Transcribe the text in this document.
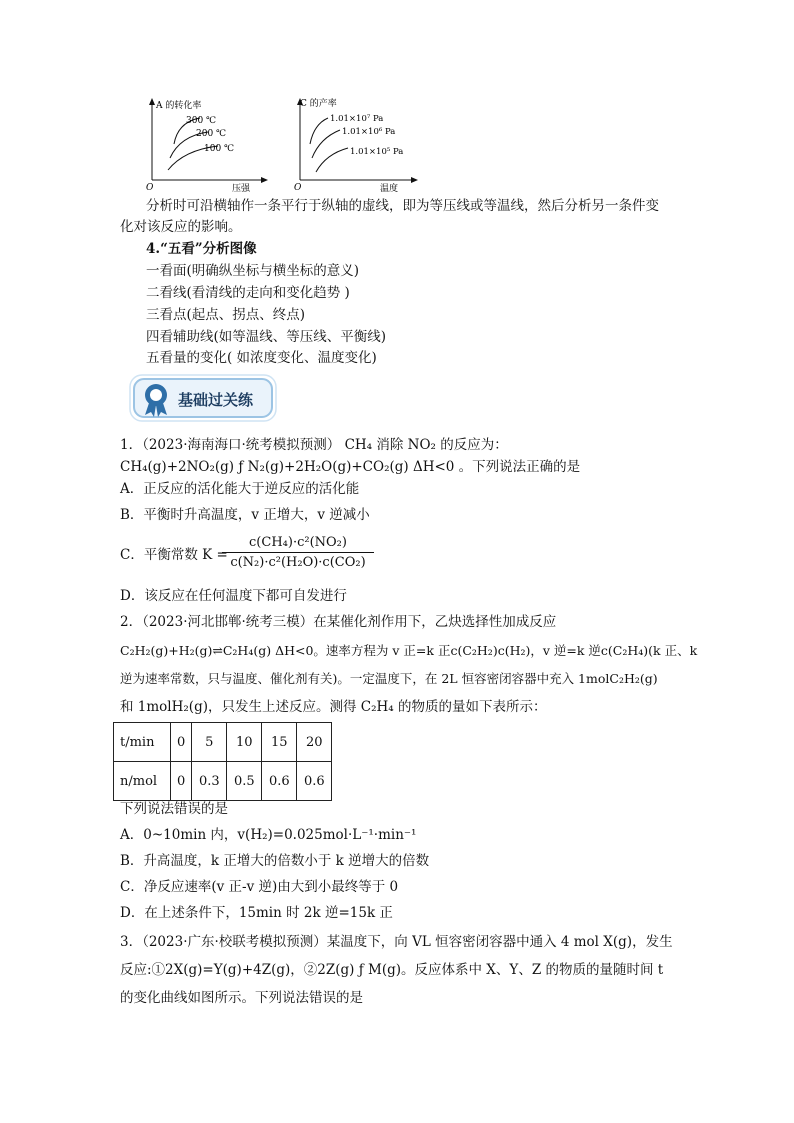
A 的转化率
300 ℃
200 ℃
100 ℃
O	压强
C 的产率
1.01×10⁷ Pa
1.01×10⁶ Pa
1.01×10⁵ Pa
O	温度
分析时可沿横轴作一条平行于纵轴的虚线，即为等压线或等温线，然后分析另一条件变
化对该反应的影响。
4.“五看”分析图像
一看面(明确纵坐标与横坐标的意义)
二看线(看清线的走向和变化趋势 )
三看点(起点、拐点、终点)
四看辅助线(如等温线、等压线、平衡线)
五看量的变化( 如浓度变化、温度变化)
基础过关练
1．（2023·海南海口·统考模拟预测） CH₄ 消除 NO₂ 的反应为：
CH₄(g)+2NO₂(g) ƒ N₂(g)+2H₂O(g)+CO₂(g) ΔH<0 。下列说法正确的是
A．正反应的活化能大于逆反应的活化能
B．平衡时升高温度，v 正增大，v 逆减小
C．平衡常数 K =
$\frac{\text{c(CH₄)·c²(NO₂)}}{\text{c(N₂)·c²(H₂O)·c(CO₂)}}$
D．该反应在任何温度下都可自发进行
2．（2023·河北邯郸·统考三模）在某催化剂作用下，乙炔选择性加成反应
C₂H₂(g)+H₂(g)⇌C₂H₄(g) ΔH<0。速率方程为 v 正=k 正c(C₂H₂)c(H₂)，v 逆=k 逆c(C₂H₄)(k 正、k
逆为速率常数，只与温度、催化剂有关)。一定温度下，在 2L 恒容密闭容器中充入 1molC₂H₂(g)
和 1molH₂(g)，只发生上述反应。测得 C₂H₄ 的物质的量如下表所示：
t/min	0	5	10	15	20
n/mol	0	0.3	0.5	0.6	0.6
下列说法错误的是
A．0~10min 内，v(H₂)=0.025mol·L⁻¹·min⁻¹
B．升高温度，k 正增大的倍数小于 k 逆增大的倍数
C．净反应速率(v 正-v 逆)由大到小最终等于 0
D．在上述条件下，15min 时 2k 逆=15k 正
3．（2023·广东·校联考模拟预测）某温度下，向 VL 恒容密闭容器中通入 4 mol X(g)，发生
反应:①2X(g)=Y(g)+4Z(g)，②2Z(g) ƒ M(g)。反应体系中 X、Y、Z 的物质的量随时间 t
的变化曲线如图所示。下列说法错误的是
